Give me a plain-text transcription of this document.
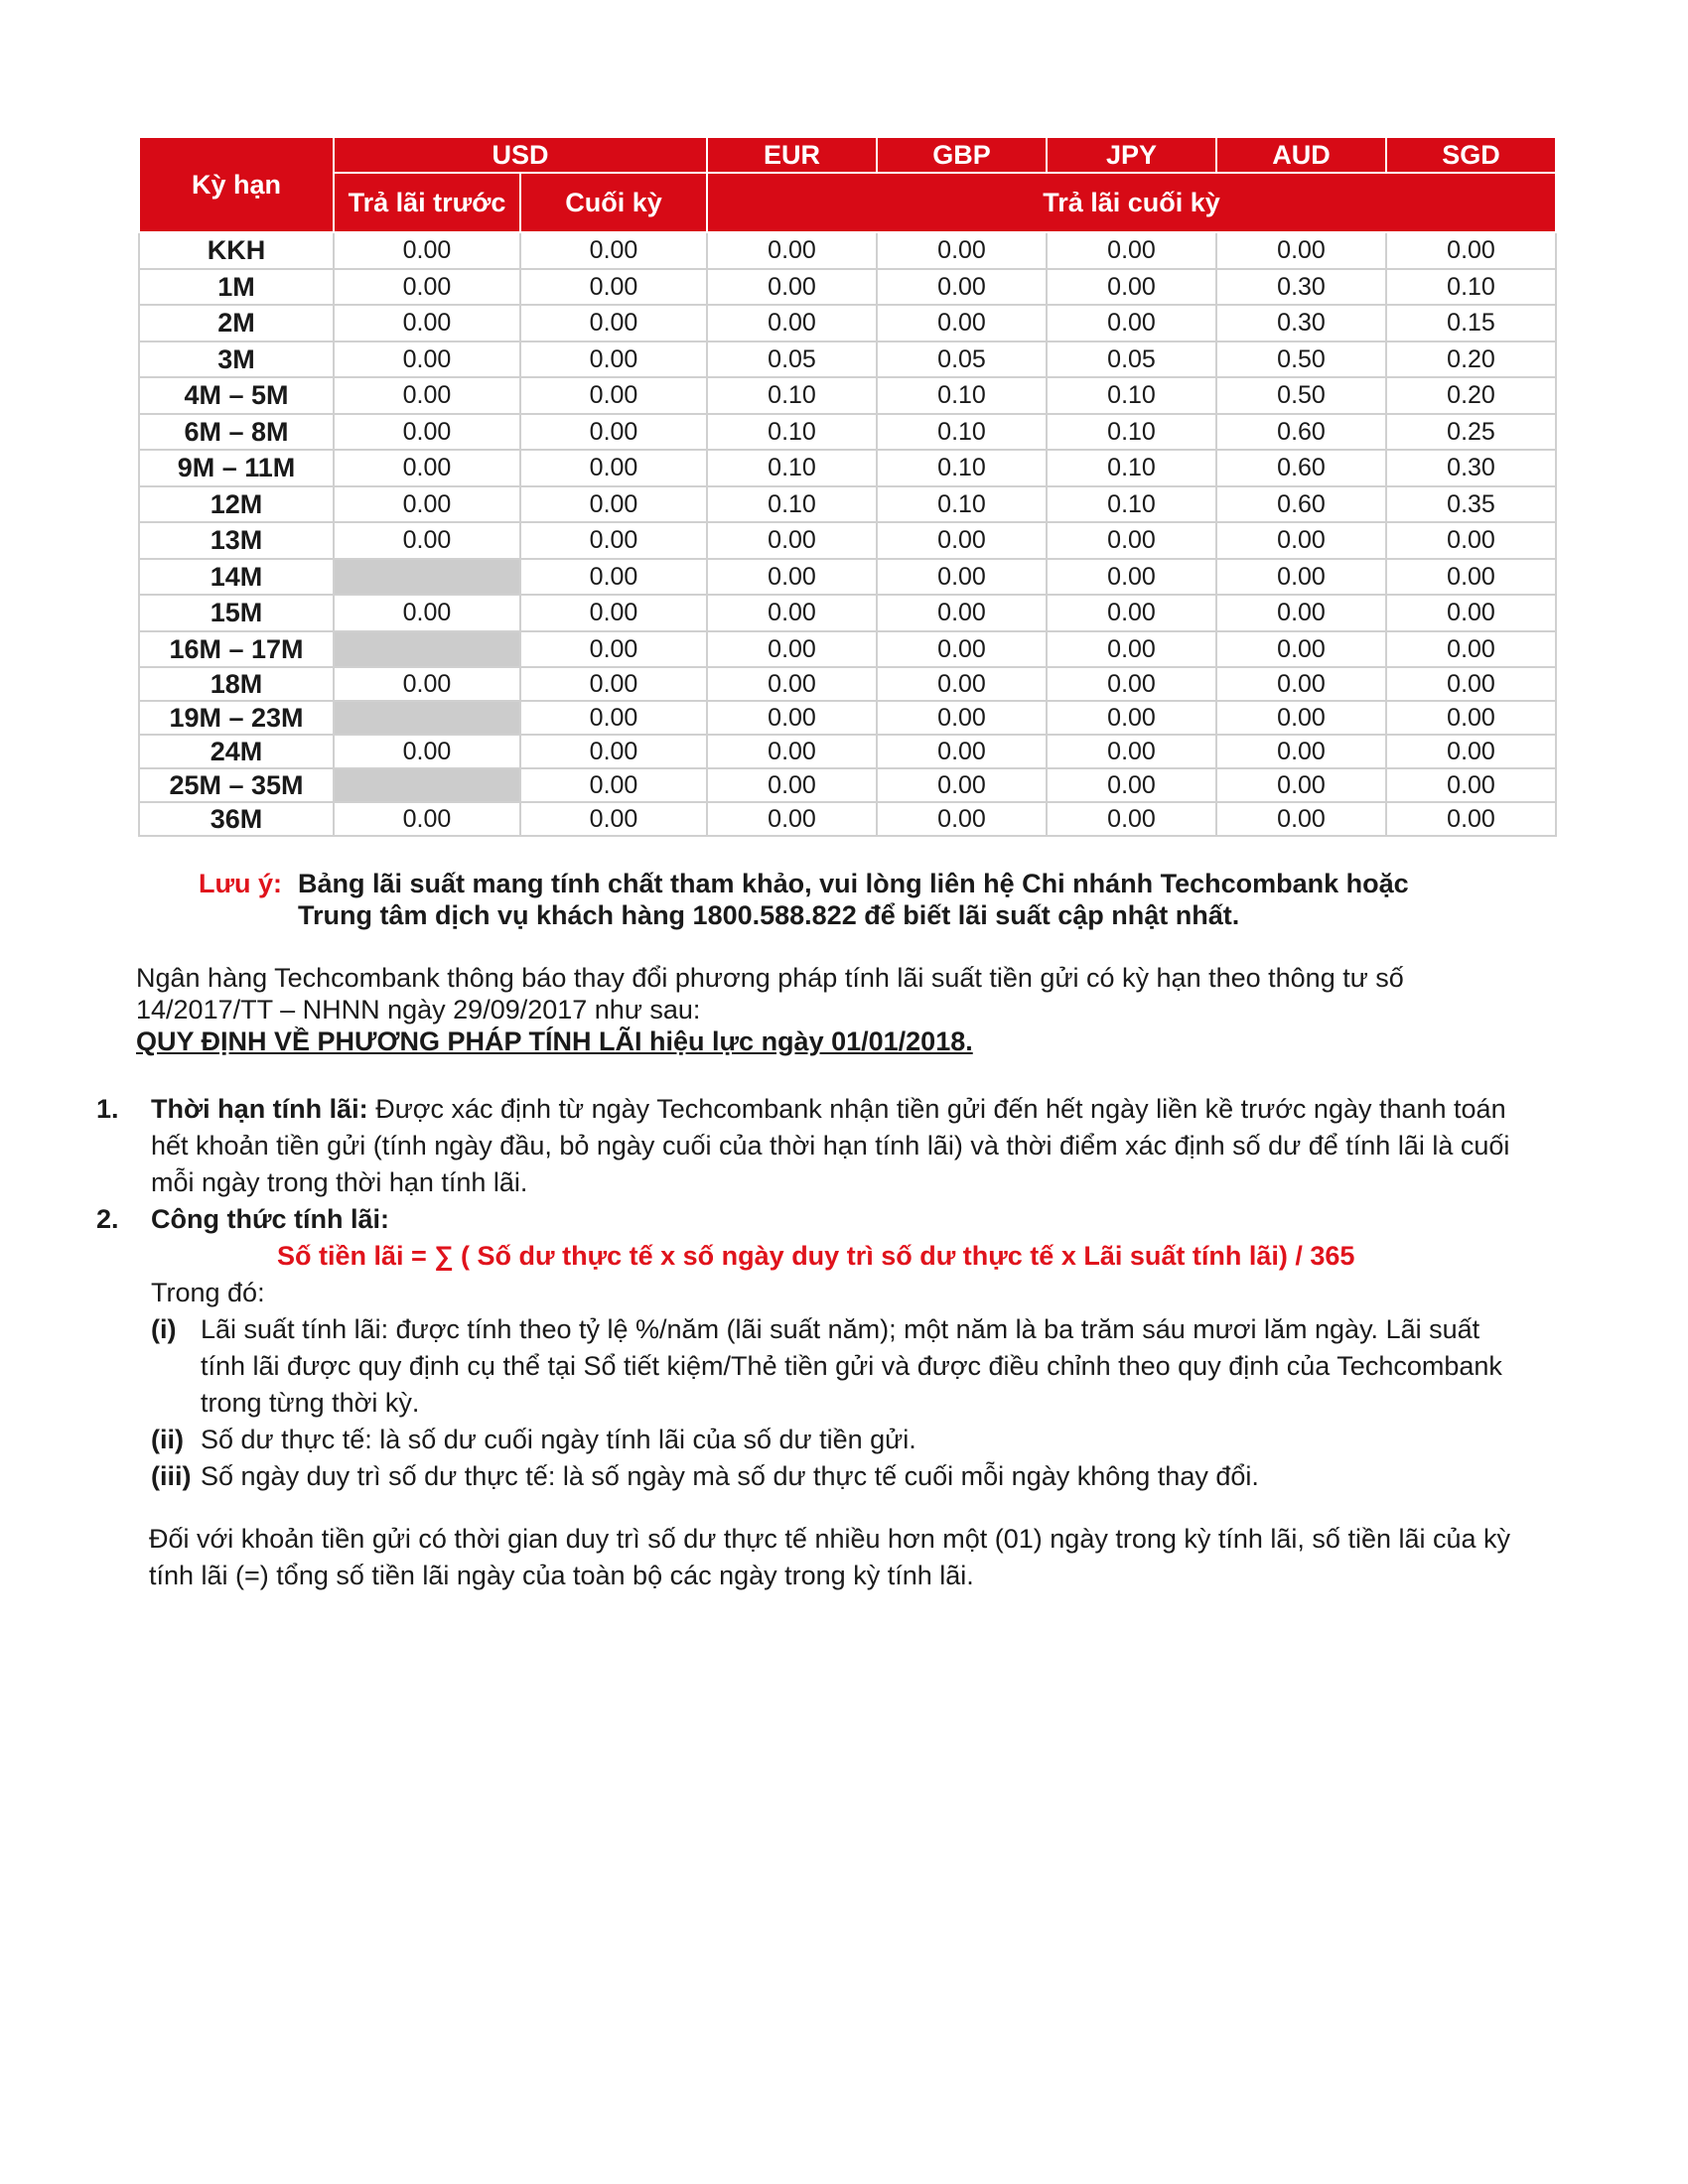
Kỳ hạn	USD		EUR	GBP	JPY	AUD	SGD
	Trả lãi trước	Cuối kỳ	Trả lãi cuối kỳ				
KKH	0.00	0.00	0.00	0.00	0.00	0.00	0.00
1M	0.00	0.00	0.00	0.00	0.00	0.30	0.10
2M	0.00	0.00	0.00	0.00	0.00	0.30	0.15
3M	0.00	0.00	0.05	0.05	0.05	0.50	0.20
4M – 5M	0.00	0.00	0.10	0.10	0.10	0.50	0.20
6M – 8M	0.00	0.00	0.10	0.10	0.10	0.60	0.25
9M – 11M	0.00	0.00	0.10	0.10	0.10	0.60	0.30
12M	0.00	0.00	0.10	0.10	0.10	0.60	0.35
13M	0.00	0.00	0.00	0.00	0.00	0.00	0.00
14M		0.00	0.00	0.00	0.00	0.00	0.00
15M	0.00	0.00	0.00	0.00	0.00	0.00	0.00
16M – 17M		0.00	0.00	0.00	0.00	0.00	0.00
18M	0.00	0.00	0.00	0.00	0.00	0.00	0.00
19M – 23M		0.00	0.00	0.00	0.00	0.00	0.00
24M	0.00	0.00	0.00	0.00	0.00	0.00	0.00
25M – 35M		0.00	0.00	0.00	0.00	0.00	0.00
36M	0.00	0.00	0.00	0.00	0.00	0.00	0.00
Lưu ý: Bảng lãi suất mang tính chất tham khảo, vui lòng liên hệ Chi nhánh Techcombank hoặc
Trung tâm dịch vụ khách hàng 1800.588.822 để biết lãi suất cập nhật nhất.
Ngân hàng Techcombank thông báo thay đổi phương pháp tính lãi suất tiền gửi có kỳ hạn theo thông tư số
14/2017/TT – NHNN ngày 29/09/2017 như sau:
QUY ĐỊNH VỀ PHƯƠNG PHÁP TÍNH LÃI hiệu lực ngày 01/01/2018.
1. Thời hạn tính lãi: Được xác định từ ngày Techcombank nhận tiền gửi đến hết ngày liền kề trước ngày thanh toán
hết khoản tiền gửi (tính ngày đầu, bỏ ngày cuối của thời hạn tính lãi) và thời điểm xác định số dư để tính lãi là cuối
mỗi ngày trong thời hạn tính lãi.
2. Công thức tính lãi:
Số tiền lãi = ∑ ( Số dư thực tế x số ngày duy trì số dư thực tế x Lãi suất tính lãi) / 365
Trong đó:
(i) Lãi suất tính lãi: được tính theo tỷ lệ %/năm (lãi suất năm); một năm là ba trăm sáu mươi lăm ngày. Lãi suất
tính lãi được quy định cụ thể tại Sổ tiết kiệm/Thẻ tiền gửi và được điều chỉnh theo quy định của Techcombank
trong từng thời kỳ.
(ii) Số dư thực tế: là số dư cuối ngày tính lãi của số dư tiền gửi.
(iii) Số ngày duy trì số dư thực tế: là số ngày mà số dư thực tế cuối mỗi ngày không thay đổi.
Đối với khoản tiền gửi có thời gian duy trì số dư thực tế nhiều hơn một (01) ngày trong kỳ tính lãi, số tiền lãi của kỳ
tính lãi (=) tổng số tiền lãi ngày của toàn bộ các ngày trong kỳ tính lãi.
